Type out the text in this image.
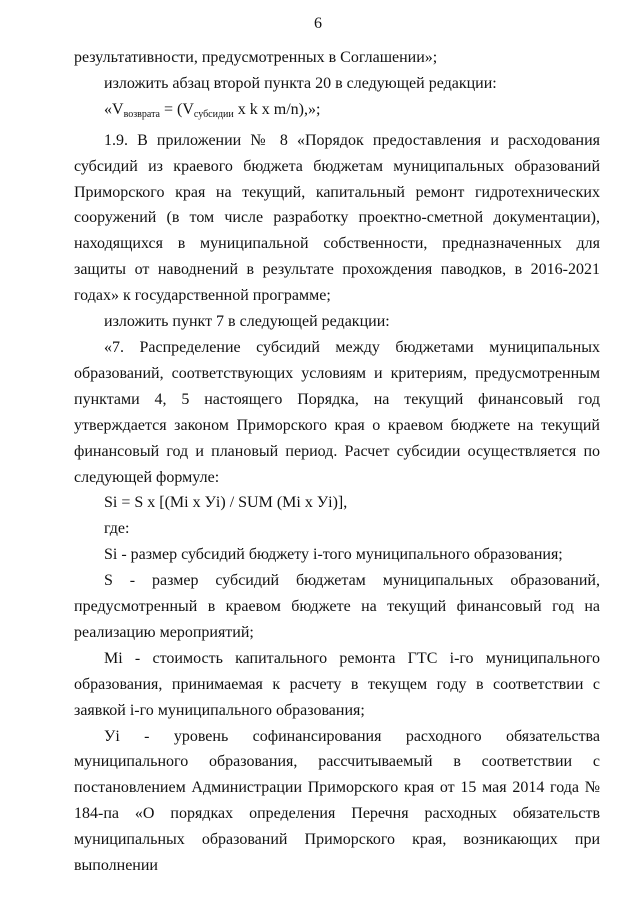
6

результативности, предусмотренных в Соглашении»;

изложить абзац второй пункта 20 в следующей редакции:

«$V_{возврата} = (V_{субсидии}$ x k x m/n),»;

1.9. В приложении № 8 «Порядок предоставления и расходования субсидий из краевого бюджета бюджетам муниципальных образований Приморского края на текущий, капитальный ремонт гидротехнических сооружений (в том числе разработку проектно-сметной документации), находящихся в муниципальной собственности, предназначенных для защиты от наводнений в результате прохождения паводков, в 2016-2021 годах» к государственной программе;

изложить пункт 7 в следующей редакции:

«7. Распределение субсидий между бюджетами муниципальных образований, соответствующих условиям и критериям, предусмотренным пунктами 4, 5 настоящего Порядка, на текущий финансовый год утверждается законом Приморского края о краевом бюджете на текущий финансовый год и плановый период. Расчет субсидии осуществляется по следующей формуле:

Si = S x [(Mi x Уi) / SUM (Mi x Уi)],

где:

Si - размер субсидий бюджету i-того муниципального образования;

S - размер субсидий бюджетам муниципальных образований, предусмотренный в краевом бюджете на текущий финансовый год на реализацию мероприятий;

Mi - стоимость капитального ремонта ГТС i-го муниципального образования, принимаемая к расчету в текущем году в соответствии с заявкой i-го муниципального образования;

Уi - уровень софинансирования расходного обязательства муниципального образования, рассчитываемый в соответствии с постановлением Администрации Приморского края от 15 мая 2014 года № 184-па «О порядках определения Перечня расходных обязательств муниципальных образований Приморского края, возникающих при выполнении
